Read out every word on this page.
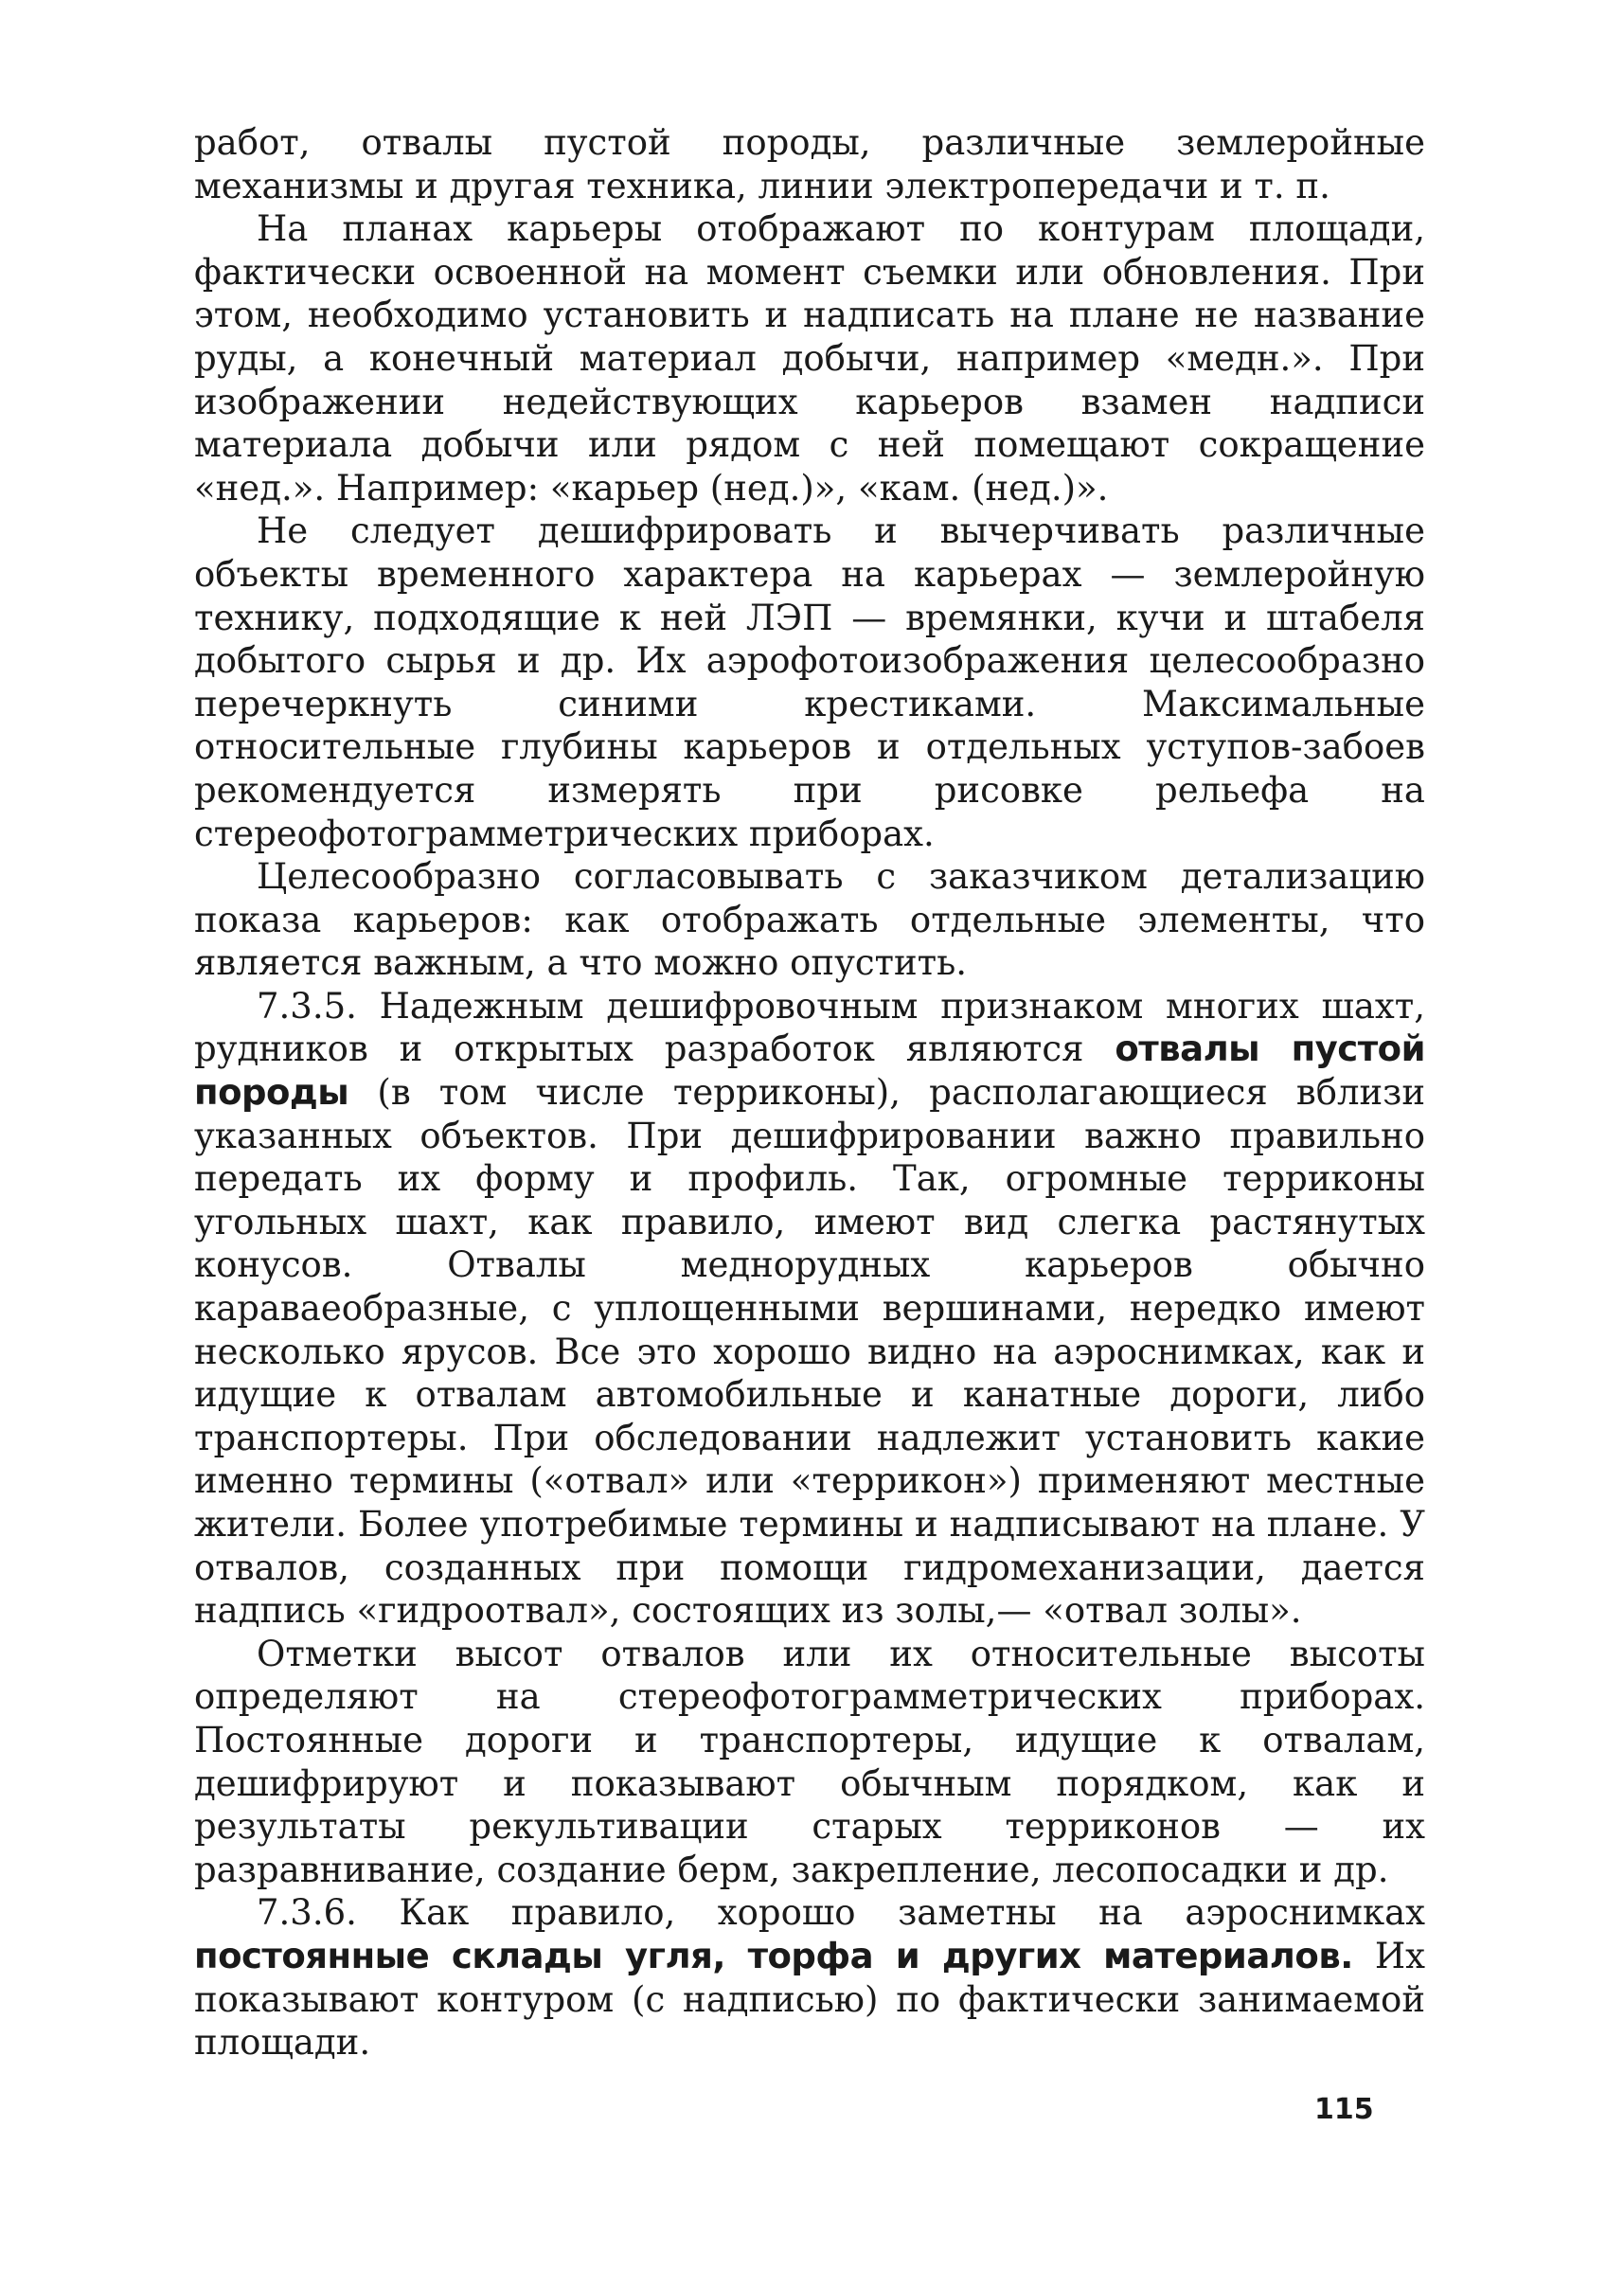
работ, отвалы пустой породы, различные землеройные механизмы и другая техника, линии электропередачи и т. п.

На планах карьеры отображают по контурам площади, фактически освоенной на момент съемки или обновления. При этом, необходимо установить и надписать на плане не название руды, а конечный материал добычи, например «медн.». При изображении недействующих карьеров взамен надписи материала добычи или рядом с ней помещают сокращение «нед.». Например: «карьер (нед.)», «кам. (нед.)».

Не следует дешифрировать и вычерчивать различные объекты временного характера на карьерах — землеройную технику, подходящие к ней ЛЭП — времянки, кучи и штабеля добытого сырья и др. Их аэрофотоизображения целесообразно перечеркнуть синими крестиками. Максимальные относительные глубины карьеров и отдельных уступов-забоев рекомендуется измерять при рисовке рельефа на стереофотограмметрических приборах.

Целесообразно согласовывать с заказчиком детализацию показа карьеров: как отображать отдельные элементы, что является важным, а что можно опустить.

7.3.5. Надежным дешифровочным признаком многих шахт, рудников и открытых разработок являются отвалы пустой породы (в том числе терриконы), располагающиеся вблизи указанных объектов. При дешифрировании важно правильно передать их форму и профиль. Так, огромные терриконы угольных шахт, как правило, имеют вид слегка растянутых конусов. Отвалы меднорудных карьеров обычно караваеобразные, с уплощенными вершинами, нередко имеют несколько ярусов. Все это хорошо видно на аэроснимках, как и идущие к отвалам автомобильные и канатные дороги, либо транспортеры. При обследовании надлежит установить какие именно термины («отвал» или «террикон») применяют местные жители. Более употребимые термины и надписывают на плане. У отвалов, созданных при помощи гидромеханизации, дается надпись «гидроотвал», состоящих из золы,— «отвал золы».

Отметки высот отвалов или их относительные высоты определяют на стереофотограмметрических приборах. Постоянные дороги и транспортеры, идущие к отвалам, дешифрируют и показывают обычным порядком, как и результаты рекультивации старых терриконов — их разравнивание, создание берм, закрепление, лесопосадки и др.

7.3.6. Как правило, хорошо заметны на аэроснимках постоянные склады угля, торфа и других материалов. Их показывают контуром (с надписью) по фактически занимаемой площади.

115
